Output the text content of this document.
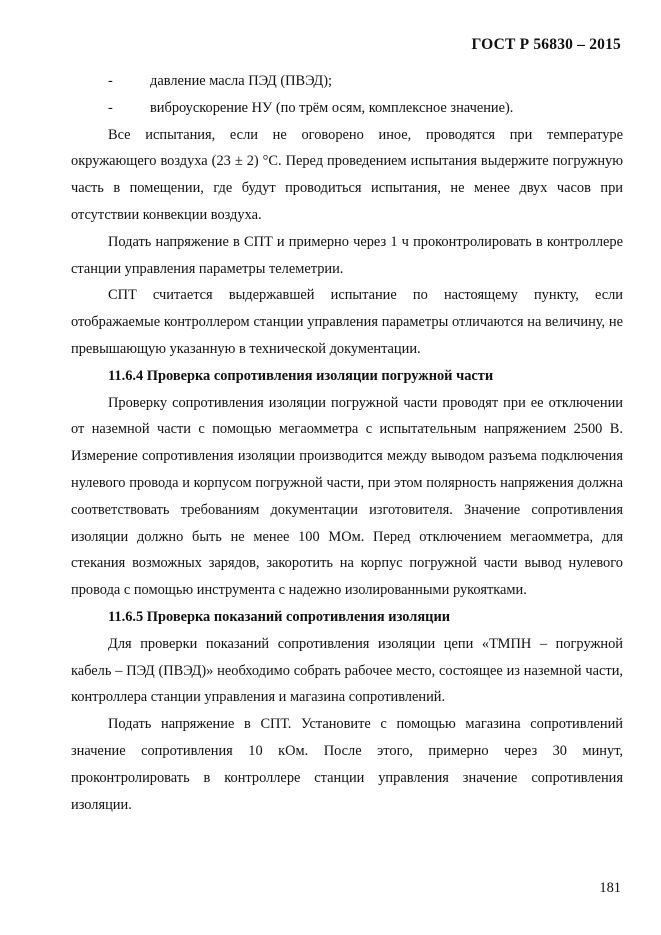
ГОСТ Р 56830 – 2015
-	давление масла ПЭД (ПВЭД);
-	виброускорение НУ (по трём осям, комплексное значение).

Все испытания, если не оговорено иное, проводятся при температуре окружающего воздуха (23 ± 2) °С. Перед проведением испытания выдержите погружную часть в помещении, где будут проводиться испытания, не менее двух часов при отсутствии конвекции воздуха.

Подать напряжение в СПТ и примерно через 1 ч проконтролировать в контроллере станции управления параметры телеметрии.

СПТ считается выдержавшей испытание по настоящему пункту, если отображаемые контроллером станции управления параметры отличаются на величину, не превышающую указанную в технической документации.

11.6.4 Проверка сопротивления изоляции погружной части

Проверку сопротивления изоляции погружной части проводят при ее отключении от наземной части с помощью мегаомметра с испытательным напряжением 2500 В. Измерение сопротивления изоляции производится между выводом разъема подключения нулевого провода и корпусом погружной части, при этом полярность напряжения должна соответствовать требованиям документации изготовителя. Значение сопротивления изоляции должно быть не менее 100 МОм. Перед отключением мегаомметра, для стекания возможных зарядов, закоротить на корпус погружной части вывод нулевого провода с помощью инструмента с надежно изолированными рукоятками.

11.6.5 Проверка показаний сопротивления изоляции

Для проверки показаний сопротивления изоляции цепи «ТМПН – погружной кабель – ПЭД (ПВЭД)» необходимо собрать рабочее место, состоящее из наземной части, контроллера станции управления и магазина сопротивлений.

Подать напряжение в СПТ. Установите с помощью магазина сопротивлений значение сопротивления 10 кОм. После этого, примерно через 30 минут, проконтролировать в контроллере станции управления значение сопротивления изоляции.

181
